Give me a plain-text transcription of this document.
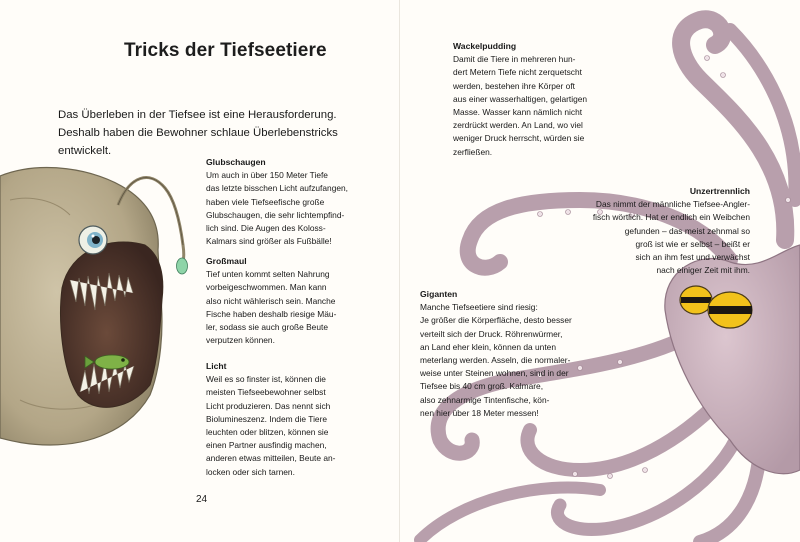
Tricks der Tiefseetiere
Das Überleben in der Tiefsee ist eine Herausforderung. Deshalb haben die Bewohner schlaue Überlebenstricks entwickelt.
Glubschaugen

Um auch in über 150 Meter Tiefe

das letzte bisschen Licht aufzufangen,

haben viele Tiefseefische große

Glubschaugen, die sehr lichtempfind-

lich sind. Die Augen des Koloss-

Kalmars sind größer als Fußbälle!

Großmaul

Tief unten kommt selten Nahrung

vorbeigeschwommen. Man kann

also nicht wählerisch sein. Manche

Fische haben deshalb riesige Mäu-

ler, sodass sie auch große Beute

verputzen können.

Licht

Weil es so finster ist, können die

meisten Tiefseebewohner selbst

Licht produzieren. Das nennt sich

Biolumineszenz. Indem die Tiere

leuchten oder blitzen, können sie

einen Partner ausfindig machen,

anderen etwas mitteilen, Beute an-

locken oder sich tarnen.

24
Wackelpudding

Damit die Tiere in mehreren hun-

dert Metern Tiefe nicht zerquetscht

werden, bestehen ihre Körper oft

aus einer wasserhaltigen, gelartigen

Masse. Wasser kann nämlich nicht

zerdrückt werden. An Land, wo viel

weniger Druck herrscht, würden sie

zerfließen.

Unzertrennlich

Das nimmt der männliche Tiefsee-Angler-

fisch wörtlich. Hat er endlich ein Weibchen

gefunden – das meist zehnmal so

groß ist wie er selbst – beißt er

sich an ihm fest und verwächst

nach einiger Zeit mit ihm.

Giganten

Manche Tiefseetiere sind riesig:

Je größer die Körperfläche, desto besser

verteilt sich der Druck. Röhrenwürmer,

an Land eher klein, können da unten

meterlang werden. Asseln, die normaler-

weise unter Steinen wohnen, sind in der

Tiefsee bis 40 cm groß. Kalmare,

also zehnarmige Tintenfische, kön-

nen hier über 18 Meter messen!
